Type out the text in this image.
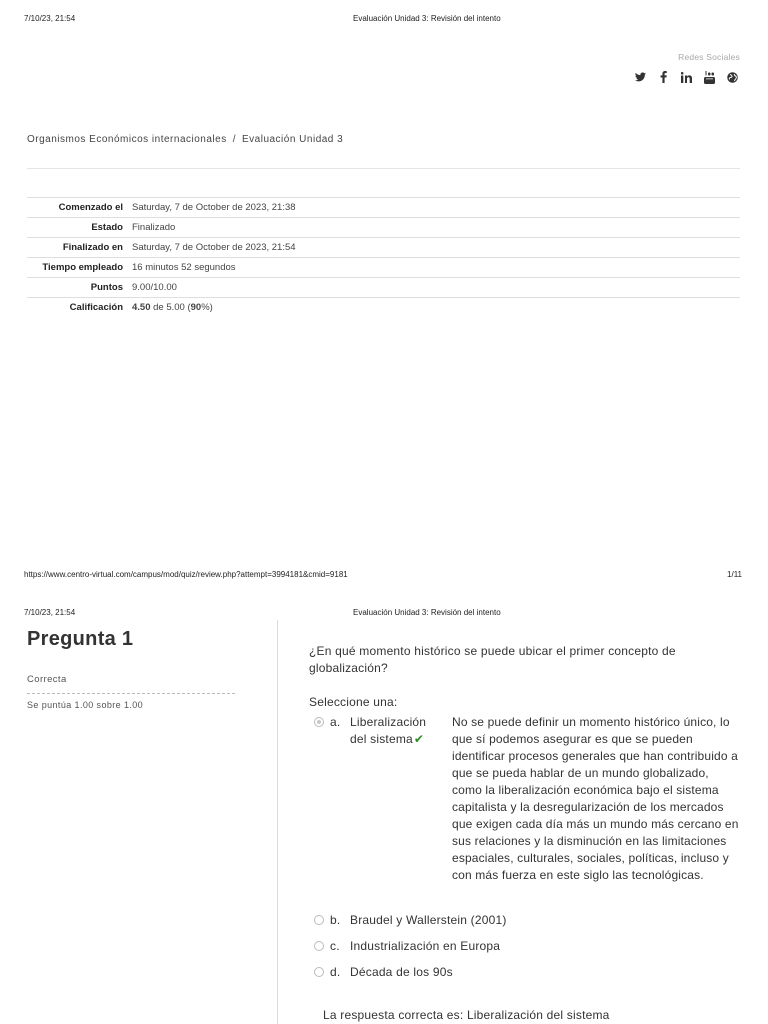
7/10/23, 21:54	Evaluación Unidad 3: Revisión del intento
Redes Sociales
Organismos Económicos internacionales / Evaluación Unidad 3
Comenzado el	Saturday, 7 de October de 2023, 21:38
Estado	Finalizado
Finalizado en	Saturday, 7 de October de 2023, 21:54
Tiempo empleado	16 minutos 52 segundos
Puntos	9.00/10.00
Calificación	4.50 de 5.00 (90%)
https://www.centro-virtual.com/campus/mod/quiz/review.php?attempt=3994181&cmid=9181	1/11
7/10/23, 21:54	Evaluación Unidad 3: Revisión del intento
Pregunta 1
Correcta
Se puntúa 1.00 sobre 1.00
¿En qué momento histórico se puede ubicar el primer concepto de globalización?
Seleccione una:
a. Liberalización del sistema✔
No se puede definir un momento histórico único, lo que sí podemos asegurar es que se pueden identificar procesos generales que han contribuido a que se pueda hablar de un mundo globalizado, como la liberalización económica bajo el sistema capitalista y la desregularización de los mercados que exigen cada día más un mundo más cercano en sus relaciones y la disminución en las limitaciones espaciales, culturales, sociales, políticas, incluso y con más fuerza en este siglo las tecnológicas.
b. Braudel y Wallerstein (2001)
c. Industrialización en Europa
d. Década de los 90s
La respuesta correcta es: Liberalización del sistema
